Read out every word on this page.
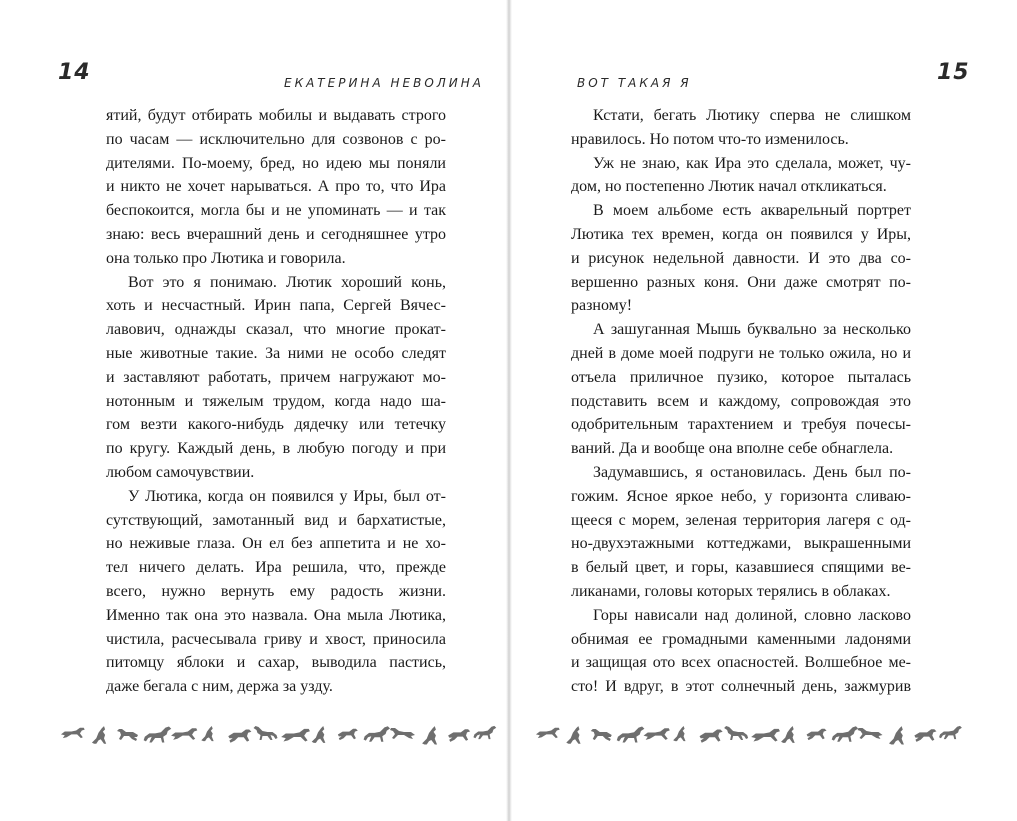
14	ЕКАТЕРИНА НЕВОЛИНА
ятий, будут отбирать мобилы и выдавать строго
по часам — исключительно для созвонов с ро-
дителями. По-моему, бред, но идею мы поняли
и никто не хочет нарываться. А про то, что Ира
беспокоится, могла бы и не упоминать — и так
знаю: весь вчерашний день и сегодняшнее утро
она только про Лютика и говорила.
Вот это я понимаю. Лютик хороший конь,
хоть и несчастный. Ирин папа, Сергей Вячес-
лавович, однажды сказал, что многие прокат-
ные животные такие. За ними не особо следят
и заставляют работать, причем нагружают мо-
нотонным и тяжелым трудом, когда надо ша-
гом везти какого-нибудь дядечку или тетечку
по кругу. Каждый день, в любую погоду и при
любом самочувствии.
У Лютика, когда он появился у Иры, был от-
сутствующий, замотанный вид и бархатистые,
но неживые глаза. Он ел без аппетита и не хо-
тел ничего делать. Ира решила, что, прежде
всего, нужно вернуть ему радость жизни.
Именно так она это назвала. Она мыла Лютика,
чистила, расчесывала гриву и хвост, приносила
питомцу яблоки и сахар, выводила пастись,
даже бегала с ним, держа за узду.
ВОТ ТАКАЯ Я	15
Кстати, бегать Лютику сперва не слишком
нравилось. Но потом что-то изменилось.
Уж не знаю, как Ира это сделала, может, чу-
дом, но постепенно Лютик начал откликаться.
В моем альбоме есть акварельный портрет
Лютика тех времен, когда он появился у Иры,
и рисунок недельной давности. И это два со-
вершенно разных коня. Они даже смотрят по-
разному!
А зашуганная Мышь буквально за несколько
дней в доме моей подруги не только ожила, но и
отъела приличное пузико, которое пыталась
подставить всем и каждому, сопровождая это
одобрительным тарахтением и требуя почесы-
ваний. Да и вообще она вполне себе обнаглела.
Задумавшись, я остановилась. День был по-
гожим. Ясное яркое небо, у горизонта сливаю-
щееся с морем, зеленая территория лагеря с од-
но-двухэтажными коттеджами, выкрашенными
в белый цвет, и горы, казавшиеся спящими ве-
ликанами, головы которых терялись в облаках.
Горы нависали над долиной, словно ласково
обнимая ее громадными каменными ладонями
и защищая ото всех опасностей. Волшебное ме-
сто! И вдруг, в этот солнечный день, зажмурив
